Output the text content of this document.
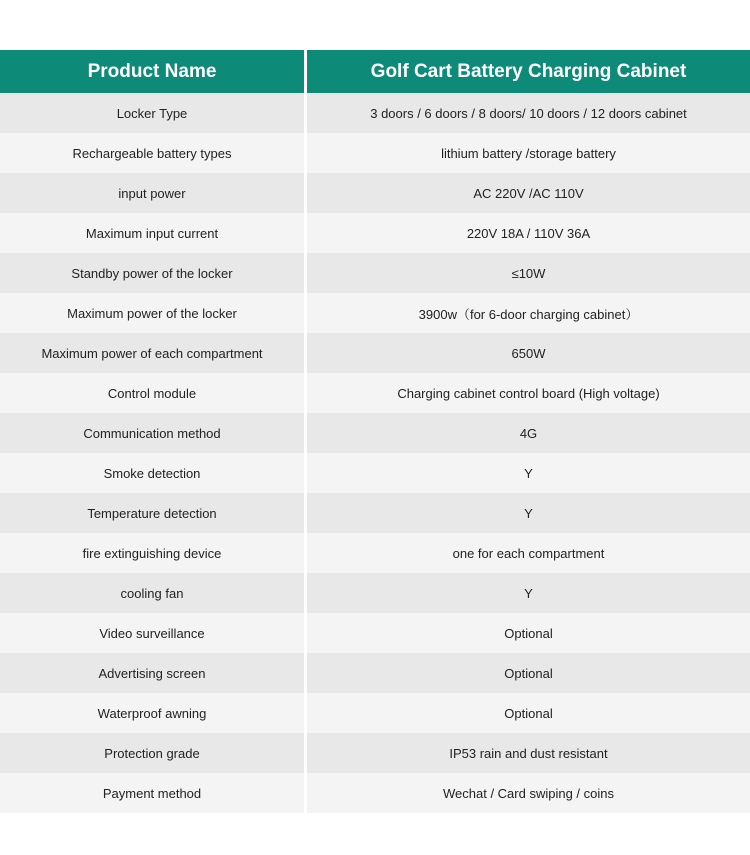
Product Name	Golf Cart Battery Charging Cabinet
Locker Type	3 doors / 6 doors / 8 doors/ 10 doors / 12 doors cabinet
Rechargeable battery types	lithium battery /storage battery
input power	AC 220V /AC 110V
Maximum input current	220V 18A / 110V 36A
Standby power of the locker	≤10W
Maximum power of the locker	3900w（for 6-door charging cabinet）
Maximum power of each compartment	650W
Control module	Charging cabinet control board (High voltage)
Communication method	4G
Smoke detection	Y
Temperature detection	Y
fire extinguishing device	one for each compartment
cooling fan	Y
Video surveillance	Optional
Advertising screen	Optional
Waterproof awning	Optional
Protection grade	IP53 rain and dust resistant
Payment method	Wechat / Card swiping / coins
